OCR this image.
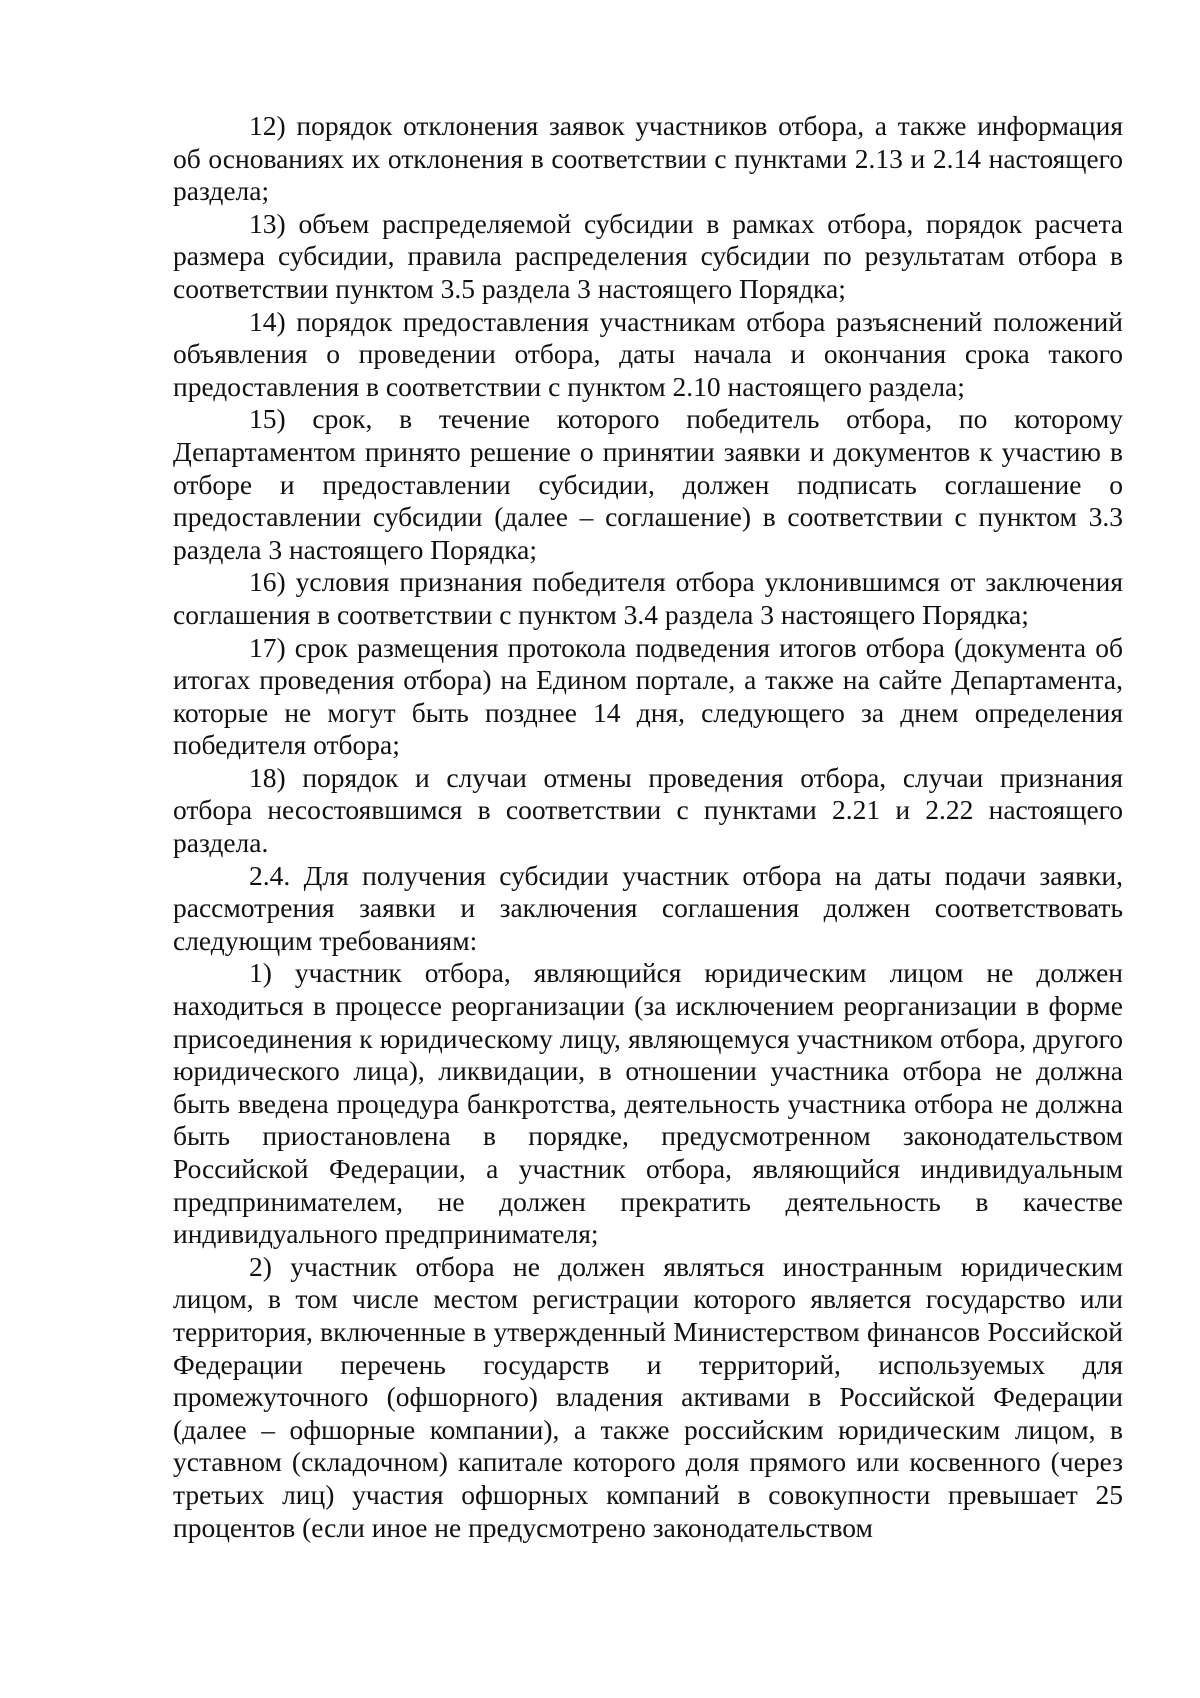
12) порядок отклонения заявок участников отбора, а также информация об основаниях их отклонения в соответствии с пунктами 2.13 и 2.14 настоящего раздела;

13) объем распределяемой субсидии в рамках отбора, порядок расчета размера субсидии, правила распределения субсидии по результатам отбора в соответствии пунктом 3.5 раздела 3 настоящего Порядка;

14) порядок предоставления участникам отбора разъяснений положений объявления о проведении отбора, даты начала и окончания срока такого предоставления в соответствии с пунктом 2.10 настоящего раздела;

15) срок, в течение которого победитель отбора, по которому Департаментом принято решение о принятии заявки и документов к участию в отборе и предоставлении субсидии, должен подписать соглашение о предоставлении субсидии (далее – соглашение) в соответствии с пунктом 3.3 раздела 3 настоящего Порядка;

16) условия признания победителя отбора уклонившимся от заключения соглашения в соответствии с пунктом 3.4 раздела 3 настоящего Порядка;

17) срок размещения протокола подведения итогов отбора (документа об итогах проведения отбора) на Едином портале, а также на сайте Департамента, которые не могут быть позднее 14 дня, следующего за днем определения победителя отбора;

18) порядок и случаи отмены проведения отбора, случаи признания отбора несостоявшимся в соответствии с пунктами 2.21 и 2.22 настоящего раздела.

2.4. Для получения субсидии участник отбора на даты подачи заявки, рассмотрения заявки и заключения соглашения должен соответствовать следующим требованиям:

1) участник отбора, являющийся юридическим лицом не должен находиться в процессе реорганизации (за исключением реорганизации в форме присоединения к юридическому лицу, являющемуся участником отбора, другого юридического лица), ликвидации, в отношении участника отбора не должна быть введена процедура банкротства, деятельность участника отбора не должна быть приостановлена в порядке, предусмотренном законодательством Российской Федерации, а участник отбора, являющийся индивидуальным предпринимателем, не должен прекратить деятельность в качестве индивидуального предпринимателя;

2) участник отбора не должен являться иностранным юридическим лицом, в том числе местом регистрации которого является государство или территория, включенные в утвержденный Министерством финансов Российской Федерации перечень государств и территорий, используемых для промежуточного (офшорного) владения активами в Российской Федерации (далее – офшорные компании), а также российским юридическим лицом, в уставном (складочном) капитале которого доля прямого или косвенного (через третьих лиц) участия офшорных компаний в совокупности превышает 25 процентов (если иное не предусмотрено законодательством
